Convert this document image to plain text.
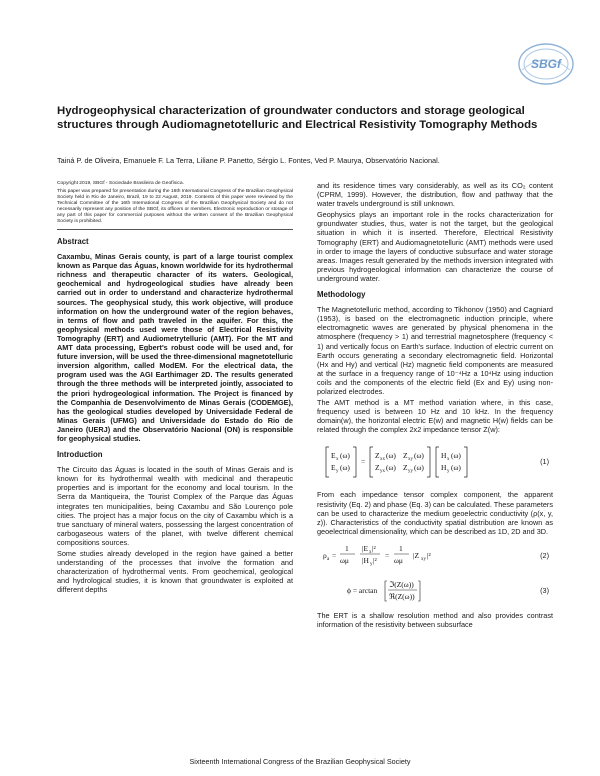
SBGf
Hydrogeophysical characterization of groundwater conductors and storage geological structures through Audiomagnetotelluric and Electrical Resistivity Tomography Methods
Tainá P. de Oliveira, Emanuele F. La Terra, Liliane P. Panetto, Sérgio L. Fontes, Ved P. Maurya, Observatório Nacional.

Copyright 2019, SBGf - Sociedade Brasileira de Geofísica.

This paper was prepared for presentation during the 16th International Congress of the Brazilian Geophysical Society held in Rio de Janeiro, Brazil, 19 to 22 August, 2019. Contents of this paper were reviewed by the Technical Committee of the 16th International Congress of the Brazilian Geophysical Society and do not necessarily represent any position of the SBGf, its officers or members. Electronic reproduction or storage of any part of this paper for commercial purposes without the written consent of the Brazilian Geophysical Society is prohibited.

Abstract

Caxambu, Minas Gerais county, is part of a large tourist complex known as Parque das Águas, known worldwide for its hydrothermal richness and therapeutic character of its waters. Geological, geochemical and hydrogeological studies have already been carried out in order to understand and characterize hydrothermal sources. The geophysical study, this work objective, will produce information on how the underground water of the region behaves, in terms of flow and path traveled in the aquifer. For this, the geophysical methods used were those of Electrical Resistivity Tomography (ERT) and Audiometrytelluric (AMT). For the MT and AMT data processing, Egbert's robust code will be used and, for future inversion, will be used the three-dimensional magnetotelluric inversion algorithm, called ModEM. For the electrical data, the program used was the AGI Earthimager 2D. The results generated through the three methods will be interpreted jointly, associated to the priori hydrogeological information. The Project is financed by the Companhia de Desenvolvimento de Minas Gerais (CODEMGE), has the geological studies developed by Universidade Federal de Minas Gerais (UFMG) and Universidade do Estado do Rio de Janeiro (UERJ) and the Observatório Nacional (ON) is responsible for geophysical studies.

Introduction

The Circuito das Águas is located in the south of Minas Gerais and is known for its hydrothermal wealth with medicinal and therapeutic properties and is important for the economy and local tourism. In the Serra da Mantiqueira, the Tourist Complex of the Parque das Águas integrates ten municipalities, being Caxambu and São Lourenço pole cities. The project has a major focus on the city of Caxambu which is a true sanctuary of mineral waters, possessing the largest concentration of carbogaseous waters of the planet, with twelve different chemical compositions sources.

Some studies already developed in the region have gained a better understanding of the processes that involve the formation and characterization of hydrothermal vents. From geochemical, geological and hydrological studies, it is known that groundwater is exploited at different depths

and its residence times vary considerably, as well as its CO₂ content (CPRM, 1999). However, the distribution, flow and pathway that the water travels underground is still unknown.

Geophysics plays an important role in the rocks characterization for groundwater studies, thus, water is not the target, but the geological situation in which it is inserted. Therefore, Electrical Resistivity Tomography (ERT) and Audiomagnetotelluric (AMT) methods were used in order to image the layers of conductive subsurface and water storage areas. Images result generated by the methods inversion integrated with previous hydrogeological information can characterize the course of underground water.

Methodology

The Magnetotelluric method, according to Tikhonov (1950) and Cagniard (1953), is based on the electromagnetic induction principle, where electromagnetic waves are generated by physical phenomena in the atmosphere (frequency > 1) and terrestrial magnetosphere (frequency < 1) and vertically focus on Earth's surface. Induction of electric current on Earth occurs generating a secondary electromagnetic field. Horizontal (Hx and Hy) and vertical (Hz) magnetic field components are measured at the surface in a frequency range of 10⁻⁴Hz a 10⁴Hz using induction coils and the components of the electric field (Ex and Ey) using non-polarized electrodes.

The AMT method is a MT method variation where, in this case, frequency used is between 10 Hz and 10 kHz. In the frequency domain(w), the horizontal electric E(w) and magnetic H(w) fields can be related through the complex 2x2 impedance tensor Z(w):

E x (ω)
E y (ω)
=
Z xx (ω) Z xy (ω)
Z yx (ω) Z yy (ω)
H x (ω)
H y (ω)
(1)

From each impedance tensor complex component, the apparent resistivity (Eq. 2) and phase (Eq. 3) can be calculated. These parameters can be used to characterize the medium geoelectric conductivity (ρ(x, y, z)). Characteristics of the conductivity spatial distribution are known as geoelectrical dimensionality, which can be described as 1D, 2D and 3D.

ρ a =
1
ωμ
|E x |²
|H y |²
=
1
ωμ
|Z xy |²	(2)
ϕ = arctan
ℑ(Z(ω))
ℜ(Z(ω))
(3)

The ERT is a shallow resolution method and also provides contrast information of the resistivity between subsurface

Sixteenth International Congress of the Brazilian Geophysical Society
